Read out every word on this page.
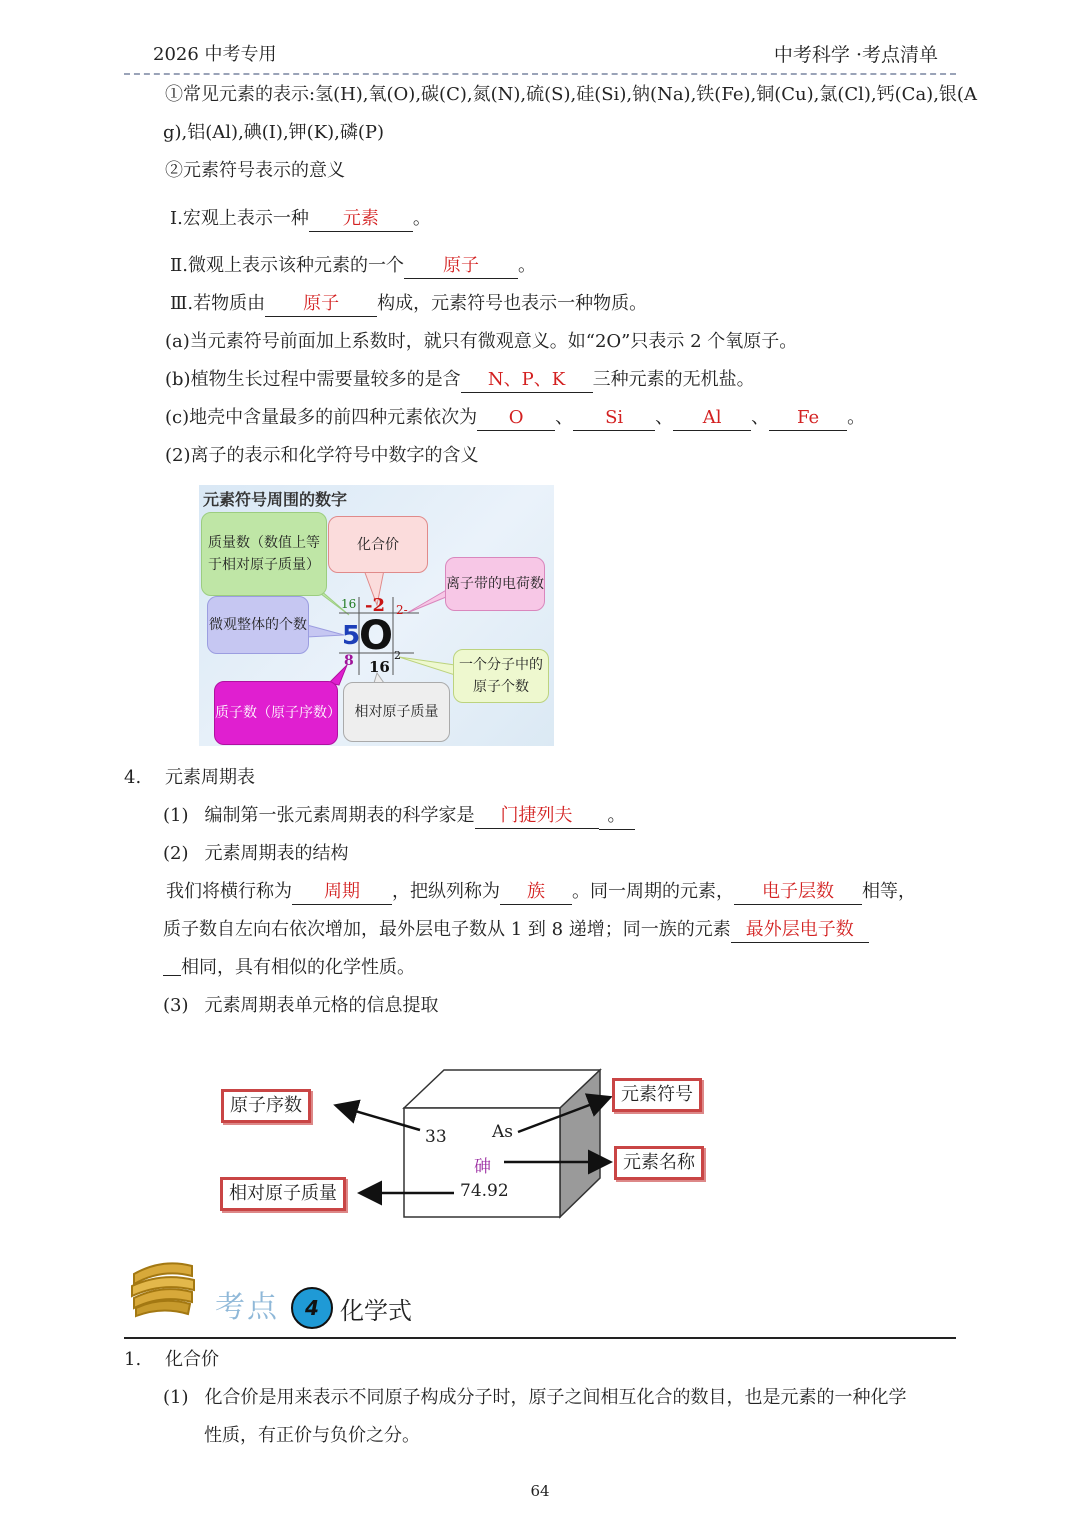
2026 中考专用	中考科学 ·考点清单
①常见元素的表示:氢(H),氧(O),碳(C),氮(N),硫(S),硅(Si),钠(Na),铁(Fe),铜(Cu),氯(Cl),钙(Ca),银(A
g),铝(Al),碘(I),钾(K),磷(P)
②元素符号表示的意义
Ⅰ.宏观上表示一种 元素 。
Ⅱ.微观上表示该种元素的一个 原子 。
Ⅲ.若物质由 原子 构成，元素符号也表示一种物质。
(a)当元素符号前面加上系数时，就只有微观意义。如“2O”只表示 2 个氧原子。
(b)植物生长过程中需要量较多的是含 N、P、K 三种元素的无机盐。
(c)地壳中含量最多的前四种元素依次为 O 、 Si 、 Al 、 Fe 。
(2)离子的表示和化学符号中数字的含义
元素符号周围的数字
质量数（数值上等于相对原子质量）
化合价
离子带的电荷数
微观整体的个数
一个分子中的原子个数
质子数（原子序数） 相对原子质量
16 -2 2-
5
O
8 16
2
4. 元素周期表
(1) 编制第一张元素周期表的科学家是 门捷列夫 。
(2) 元素周期表的结构
我们将横行称为 周期 ，把纵列称为 族 。同一周期的元素， 电子层数 相等，
质子数自左向右依次增加，最外层电子数从 1 到 8 递增；同一族的元素 最外层电子数
相同，具有相似的化学性质。
(3) 元素周期表单元格的信息提取
33	As
砷
74.92
原子序数
元素符号
元素名称
相对原子质量
考点 4 化学式
1. 化合价
(1) 化合价是用来表示不同原子构成分子时，原子之间相互化合的数目，也是元素的一种化学
性质，有正价与负价之分。
64
